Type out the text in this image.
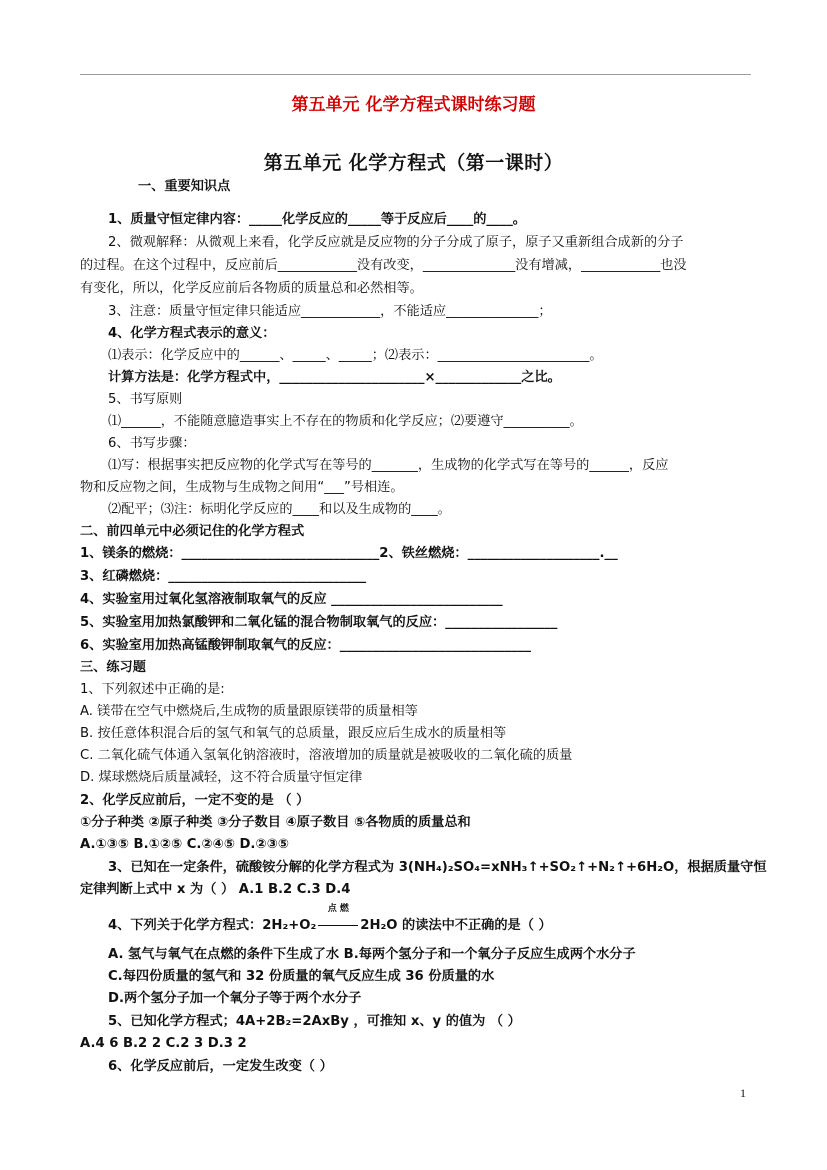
第五单元 化学方程式课时练习题
第五单元 化学方程式（第一课时）
一、重要知识点
1、质量守恒定律内容：_____化学反应的_____等于反应后____的____。
2、微观解释：从微观上来看，化学反应就是反应物的分子分成了原子，原子又重新组合成新的分子
的过程。在这个过程中，反应前后____________没有改变，______________没有增减，____________也没
有变化，所以，化学反应前后各物质的质量总和必然相等。
3、注意：质量守恒定律只能适应____________，不能适应______________；
4、化学方程式表示的意义：
⑴表示：化学反应中的______、_____、_____；⑵表示：_______________________。
计算方法是：化学方程式中，______________________×_____________之比。
5、书写原则
⑴______，不能随意臆造事实上不存在的物质和化学反应；⑵要遵守__________。
6、书写步骤：
⑴写：根据事实把反应物的化学式写在等号的_______，生成物的化学式写在等号的______，反应
物和反应物之间，生成物与生成物之间用“___”号相连。
⑵配平；⑶注：标明化学反应的____和以及生成物的____。
二、前四单元中必须记住的化学方程式
1、镁条的燃烧：______________________________2、铁丝燃烧：____________________.__
3、红磷燃烧：______________________________
4、实验室用过氧化氢溶液制取氧气的反应 __________________________
5、实验室用加热氯酸钾和二氧化锰的混合物制取氧气的反应：_________________
6、实验室用加热高锰酸钾制取氧气的反应：_____________________________
三、练习题
1、下列叙述中正确的是:
A. 镁带在空气中燃烧后,生成物的质量跟原镁带的质量相等
B. 按任意体积混合后的氢气和氧气的总质量，跟反应后生成水的质量相等
C. 二氧化硫气体通入氢氧化钠溶液时，溶液增加的质量就是被吸收的二氧化硫的质量
D. 煤球燃烧后质量减轻，这不符合质量守恒定律
2、化学反应前后，一定不变的是 （ ）
①分子种类 ②原子种类 ③分子数目 ④原子数目 ⑤各物质的质量总和
A.①③⑤ B.①②⑤ C.②④⑤ D.②③⑤
3、已知在一定条件，硫酸铵分解的化学方程式为 3(NH₄)₂SO₄=xNH₃↑+SO₂↑+N₂↑+6H₂O，根据质量守恒
定律判断上式中 x 为（ ） A.1 B.2 C.3 D.4
4、下列关于化学方程式：2H₂+O₂
点 燃
2H₂O 的读法中不正确的是（ ）
A. 氢气与氧气在点燃的条件下生成了水 B.每两个氢分子和一个氧分子反应生成两个水分子
C.每四份质量的氢气和 32 份质量的氧气反应生成 36 份质量的水
D.两个氢分子加一个氧分子等于两个水分子
5、已知化学方程式；4A+2B₂=2AxBy ，可推知 x、y 的值为 （ ）
A.4 6 B.2 2 C.2 3 D.3 2
6、化学反应前后，一定发生改变（ ）
1
